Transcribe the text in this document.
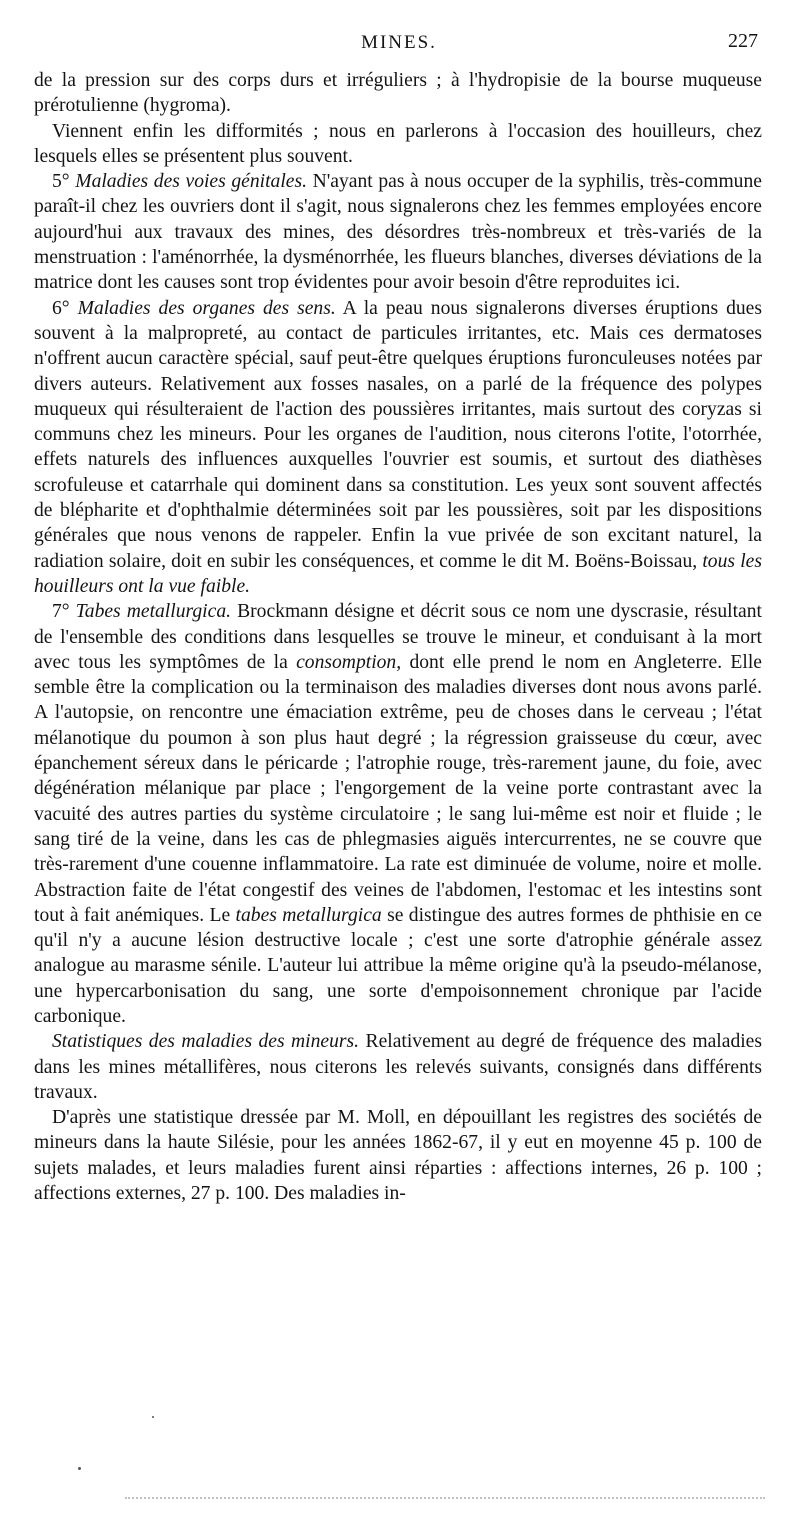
MINES.	227

de la pression sur des corps durs et irréguliers ; à l'hydropisie de la bourse muqueuse prérotulienne (hygroma).

Viennent enfin les difformités ; nous en parlerons à l'occasion des houilleurs, chez lesquels elles se présentent plus souvent.

5° Maladies des voies génitales. N'ayant pas à nous occuper de la syphilis, très-commune paraît-il chez les ouvriers dont il s'agit, nous signalerons chez les femmes employées encore aujourd'hui aux travaux des mines, des désordres très-nombreux et très-variés de la menstruation : l'aménorrhée, la dysménorrhée, les flueurs blanches, diverses déviations de la matrice dont les causes sont trop évidentes pour avoir besoin d'être reproduites ici.

6° Maladies des organes des sens. A la peau nous signalerons diverses éruptions dues souvent à la malpropreté, au contact de particules irritantes, etc. Mais ces dermatoses n'offrent aucun caractère spécial, sauf peut-être quelques éruptions furonculeuses notées par divers auteurs. Relativement aux fosses nasales, on a parlé de la fréquence des polypes muqueux qui résulteraient de l'action des poussières irritantes, mais surtout des coryzas si communs chez les mineurs. Pour les organes de l'audition, nous citerons l'otite, l'otorrhée, effets naturels des influences auxquelles l'ouvrier est soumis, et surtout des diathèses scrofuleuse et catarrhale qui dominent dans sa constitution. Les yeux sont souvent affectés de blépharite et d'ophthalmie déterminées soit par les poussières, soit par les dispositions générales que nous venons de rappeler. Enfin la vue privée de son excitant naturel, la radiation solaire, doit en subir les conséquences, et comme le dit M. Boëns-Boissau, tous les houilleurs ont la vue faible.

7° Tabes metallurgica. Brockmann désigne et décrit sous ce nom une dyscrasie, résultant de l'ensemble des conditions dans lesquelles se trouve le mineur, et conduisant à la mort avec tous les symptômes de la consomption, dont elle prend le nom en Angleterre. Elle semble être la complication ou la terminaison des maladies diverses dont nous avons parlé. A l'autopsie, on rencontre une émaciation extrême, peu de choses dans le cerveau ; l'état mélanotique du poumon à son plus haut degré ; la régression graisseuse du cœur, avec épanchement séreux dans le péricarde ; l'atrophie rouge, très-rarement jaune, du foie, avec dégénération mélanique par place ; l'engorgement de la veine porte contrastant avec la vacuité des autres parties du système circulatoire ; le sang lui-même est noir et fluide ; le sang tiré de la veine, dans les cas de phlegmasies aiguës intercurrentes, ne se couvre que très-rarement d'une couenne inflammatoire. La rate est diminuée de volume, noire et molle. Abstraction faite de l'état congestif des veines de l'abdomen, l'estomac et les intestins sont tout à fait anémiques. Le tabes metallurgica se distingue des autres formes de phthisie en ce qu'il n'y a aucune lésion destructive locale ; c'est une sorte d'atrophie générale assez analogue au marasme sénile. L'auteur lui attribue la même origine qu'à la pseudo-mélanose, une hypercarbonisation du sang, une sorte d'empoisonnement chronique par l'acide carbonique.

Statistiques des maladies des mineurs. Relativement au degré de fréquence des maladies dans les mines métallifères, nous citerons les relevés suivants, consignés dans différents travaux.

D'après une statistique dressée par M. Moll, en dépouillant les registres des sociétés de mineurs dans la haute Silésie, pour les années 1862-67, il y eut en moyenne 45 p. 100 de sujets malades, et leurs maladies furent ainsi réparties : affections internes, 26 p. 100 ; affections externes, 27 p. 100. Des maladies in-
